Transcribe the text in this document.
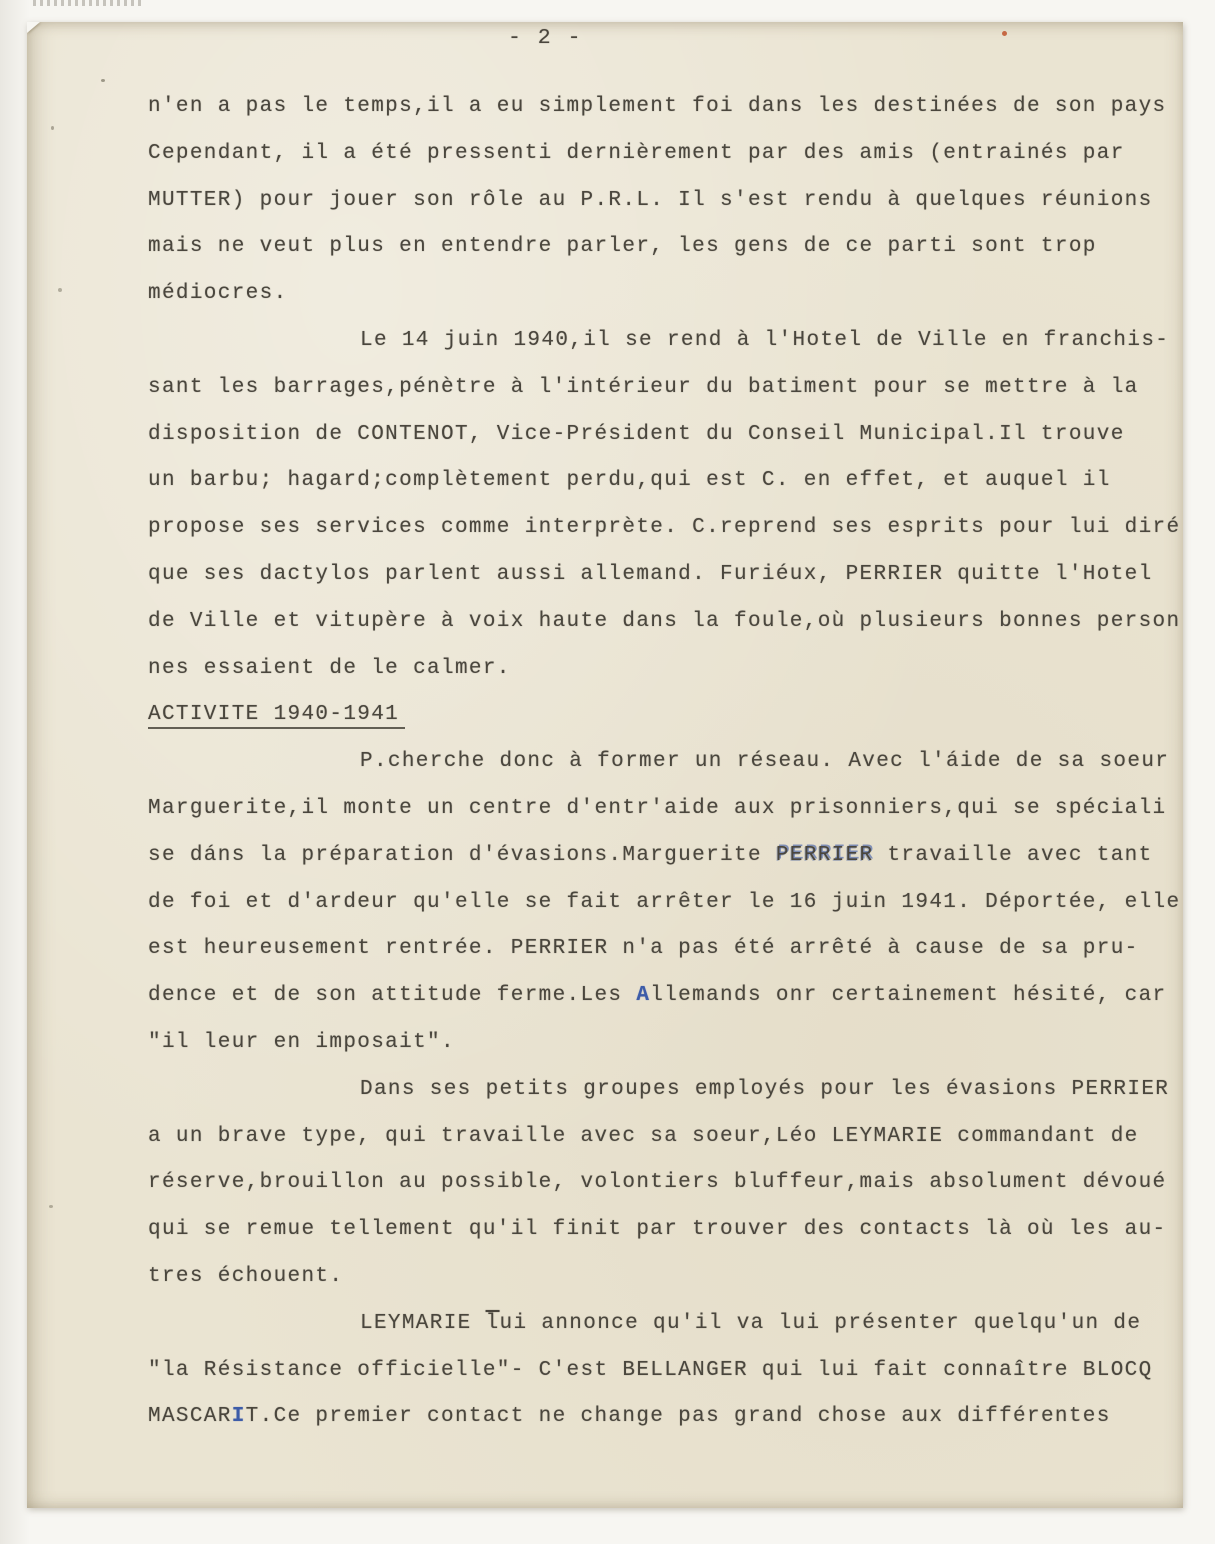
- 2 -
n'en a pas le temps,il a eu simplement foi dans les destinées de son pays
Cependant, il a été pressenti dernièrement par des amis (entrainés par
MUTTER) pour jouer son rôle au P.R.L. Il s'est rendu à quelques réunions
mais ne veut plus en entendre parler, les gens de ce parti sont trop
médiocres.
Le 14 juin 1940,il se rend à l'Hotel de Ville en franchis-
sant les barrages,pénètre à l'intérieur du batiment pour se mettre à la
disposition de CONTENOT, Vice-Président du Conseil Municipal.Il trouve
un barbu; hagard;complètement perdu,qui est C. en effet, et auquel il
propose ses services comme interprète. C.reprend ses esprits pour lui diré
que ses dactylos parlent aussi allemand. Furiéux, PERRIER quitte l'Hotel
de Ville et vitupère à voix haute dans la foule,où plusieurs bonnes person
nes essaient de le calmer.
ACTIVITE 1940-1941
P.cherche donc à former un réseau. Avec l'áide de sa soeur
Marguerite,il monte un centre d'entr'aide aux prisonniers,qui se spéciali
se dáns la préparation d'évasions.Marguerite PERRIER travaille avec tant
de foi et d'ardeur qu'elle se fait arrêter le 16 juin 1941. Déportée, elle
est heureusement rentrée. PERRIER n'a pas été arrêté à cause de sa pru-
dence et de son attitude ferme.Les Allemands onr certainement hésité, car
"il leur en imposait".
Dans ses petits groupes employés pour les évasions PERRIER
a un brave type, qui travaille avec sa soeur,Léo LEYMARIE commandant de
réserve,brouillon au possible, volontiers bluffeur,mais absolument dévoué
qui se remue tellement qu'il finit par trouver des contacts là où les au-
tres échouent.
LEYMARIE $\overline{l}ui$ annonce qu'il va lui présenter quelqu'un de
"la Résistance officielle"- C'est BELLANGER qui lui fait connaître BLOCQ
MASCARIT.Ce premier contact ne change pas grand chose aux différentes
